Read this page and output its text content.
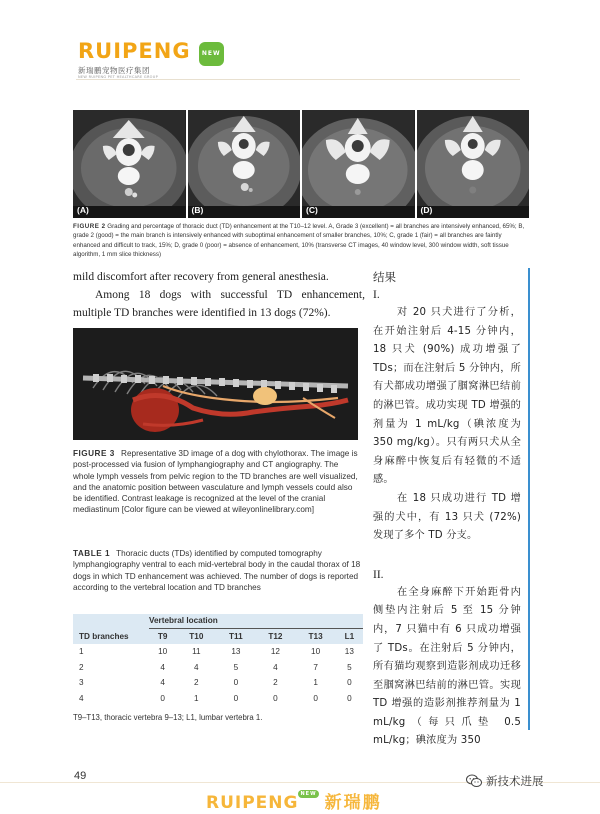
RUIPENG NEW
新瑞鹏宠物医疗集团
NEW RUIPENG PET HEALTHCARE GROUP
(A)	(B)	(C)	(D)
FIGURE 2 Grading and percentage of thoracic duct (TD) enhancement at the T10–12 level. A, Grade 3 (excellent) = all branches are intensively enhanced, 65%; B, grade 2 (good) = the main branch is intensively enhanced with suboptimal enhancement of smaller branches, 10%; C, grade 1 (fair) = all branches are faintly enhanced and difficult to track, 15%; D, grade 0 (poor) = absence of enhancement, 10% (transverse CT images, 40 window level, 300 window width, soft tissue algorithm, 1 mm slice thickness)

mild discomfort after recovery from general anesthesia.

Among 18 dogs with successful TD enhancement, multiple TD branches were identified in 13 dogs (72%).

FIGURE 3 Representative 3D image of a dog with chylothorax. The image is post-processed via fusion of lymphangiography and CT angiography. The whole lymph vessels from pelvic region to the TD branches are well visualized, and the anatomic position between vasculature and lymph vessels could also be identified. Contrast leakage is recognized at the level of the cranial mediastinum [Color figure can be viewed at wileyonlinelibrary.com]
TABLE 1 Thoracic ducts (TDs) identified by computed tomography lymphangiography ventral to each mid-vertebral body in the caudal thorax of 18 dogs in which TD enhancement was achieved. The number of dogs is reported according to the vertebral location and TD branches
	Vertebral location					
TD branches	T9	T10	T11	T12	T13	L1
1	10	11	13	12	10	13
2	4	4	5	4	7	5
3	4	2	0	2	1	0
4	0	1	0	0	0	0
T9–T13, thoracic vertebra 9–13; L1, lumbar vertebra 1.
结果
I.

对 20 只犬进行了分析，在开始注射后 4-15 分钟内，18 只犬 (90%) 成功增强了 TDs；而在注射后 5 分钟内，所有犬都成功增强了腘窝淋巴结前的淋巴管。成功实现 TD 增强的剂量为 1 mL/kg（碘浓度为 350 mg/kg）。只有两只犬从全身麻醉中恢复后有轻微的不适感。

在 18 只成功进行 TD 增强的犬中，有 13 只犬 (72%) 发现了多个 TD 分支。

II.

在全身麻醉下开始距骨内侧垫内注射后 5 至 15 分钟内，7 只猫中有 6 只成功增强了 TDs。在注射后 5 分钟内，所有猫均观察到造影剂成功迁移至腘窝淋巴结前的淋巴管。实现 TD 增强的造影剂推荐剂量为 1 mL/kg（每只爪垫 0.5 mL/kg；碘浓度为 350

49
RUIPENG NEW 新瑞鹏
新技术进展
